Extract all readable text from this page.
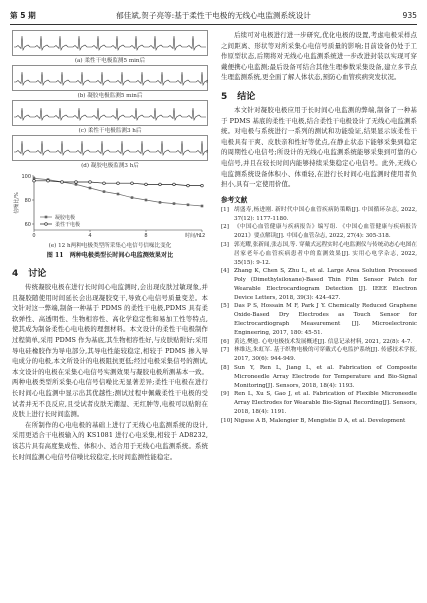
第 5 期	郁佳斌,贺子亮等:基于柔性干电极的无线心电监测系统设计	935
(a) 柔性干电极监测5 min后
(b) 凝胶电极监测5 min后
(c) 柔性干电极监测3 h后
(d) 凝胶电极监测3 h后
100
80
60
0	4	8	12
信噪比/%
时间/h
凝胶电极
柔性干电极
(e) 12 h两种电极类型所采集心电信号信噪比变化
图 11　两种电极类型长时间心电监测效果对比
4 讨论

传统凝胶电极在进行长时间心电监测时,会出现皮肤过敏现象,并且凝胶随使用时间延长会出现凝胶变干,导致心电信号质量变差。本文针对这一弊端,制备一种基于 PDMS 的柔性干电极,PDMS 具有柔软弹性、高透明性、生物相容性、高化学稳定性和易加工性等特点,使其成为制备柔性心电电极的理想材料。本文设计的柔性干电极制作过程简单,采用 PDMS 作为基底,其生物相容性好,与皮肤贴附好;采用导电硅橡胶作为导电部分,其导电性能较稳定,相较于 PDMS 掺入导电成分的电极,本文所设计的电极阻抗更低;经过电极采集信号的测试,本文设计的电极在采集心电信号实测效果与凝胶电极所测基本一致。两种电极类型所采集心电信号信噪比无显著差异;柔性干电极在进行长时间心电监测中显示出其优越性;测试过程中佩戴柔性干电极的受试者并无不良反应,且受试者皮肤无潮湿、无红肿等,电极可以贴附在皮肤上进行长时间监测。

在所制作的心电电极的基础上进行了无线心电监测系统的设计,采用更适合干电极输入的 KS1081 进行心电采集,相较于 AD8232,该芯片具有高度集成性、体积小、适合用于无线心电监测系统。系统长时间监测心电信号信噪比较稳定,长时间监测性能稳定。

后续可对电极进行进一步研究,优化电极的设置,考虑电极采样点之间距离、形状等对所采集心电信号质量的影响;目前设备仍处于工作原型状态,后期将对无线心电监测系统进一步改进封装以实现可穿戴便携心电监测;最后设备可结合其他生理参数采集设备,建立多节点生理监测系统,更全面了解人体状态,预防心血管疾病突发状况。

5 结论

本文针对凝胶电极应用于长时间心电监测的弊端,制备了一种基于 PDMS 基底的柔性干电极,结合柔性干电极设计了无线心电监测系统。对电极与系统进行一系列的测试和功能验证,结果显示该柔性干电极具有干爽、皮肤亲和性好等优点,在静止状态下能够采集到稳定的周期性心电信号;所设计的无线心电监测系统能够采集到可靠的心电信号,并且在较长时间内能够持续采集稳定心电信号。此外,无线心电监测系统设备体积小、体重轻,在进行长时间心电监测时使用者负担小,具有一定使用价值。

参考文献
[1] 胡盛寿,杨进刚. 新时代中国心血管疾病防策略[J]. 中国循环杂志, 2022, 37(12): 1177-1180.
[2] 《中国心血管健康与疾病报告》编写组. 《中国心血管健康与疾病报告 2021》要点解读[J]. 中国心血管杂志, 2022, 27(4): 305-318.
[3] 郭光耀,张新闻,张志国,等. 穿戴式远程实时心电监测仪与传统动态心电图在居家老年心血管疾病患者中的监测效果[J]. 实用心电学杂志, 2022, 35(15): 9-12.
[4] Zhang K, Chen S, Zhu L, et al. Large Area Solution Processed Poly (Dimethylsiloxane)-Based Thin Film Sensor Patch for Wearable Electrocardiogram Detection [J]. IEEE Electron Device Letters, 2018, 39(3): 424-427.
[5] Das P S, Hossain M F, Park J Y. Chemically Reduced Graphene Oxide-Based Dry Electrodes as Touch Sensor for Electrocardiograph Measurement [J]. Microelectronic Engineering, 2017, 180: 45-51.
[6] 黄达,樊迪. 心电电极技术发展概述[J]. 信息记录材料, 2021, 22(8): 4-7.
[7] 林维达,朱虹军. 基于织物电极的可穿戴式心电监护系统[J]. 传感技术学报, 2017, 30(6): 944-949.
[8] Sun Y, Ren L, Jiang L, et al. Fabrication of Composite Microneedle Array Electrode for Temperature and Bio-Signal Monitoring[J]. Sensors, 2018, 18(4): 1193.
[9] Ren L, Xu S, Gao J, et al. Fabrication of Flexible Microneedle Array Electrodes for Wearable Bio-Signal Recording[J]. Sensors, 2018, 18(4): 1191.
[10] Niguse A B, Malengier B, Mengistie D A, et al. Development
